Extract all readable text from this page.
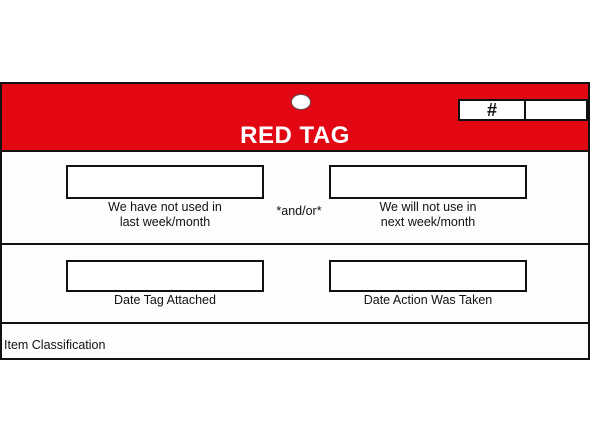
#
RED TAG
We have not used in
last week/month
*and/or*	We will not use in
next week/month
Date Tag Attached	Date Action Was Taken
Item Classification
